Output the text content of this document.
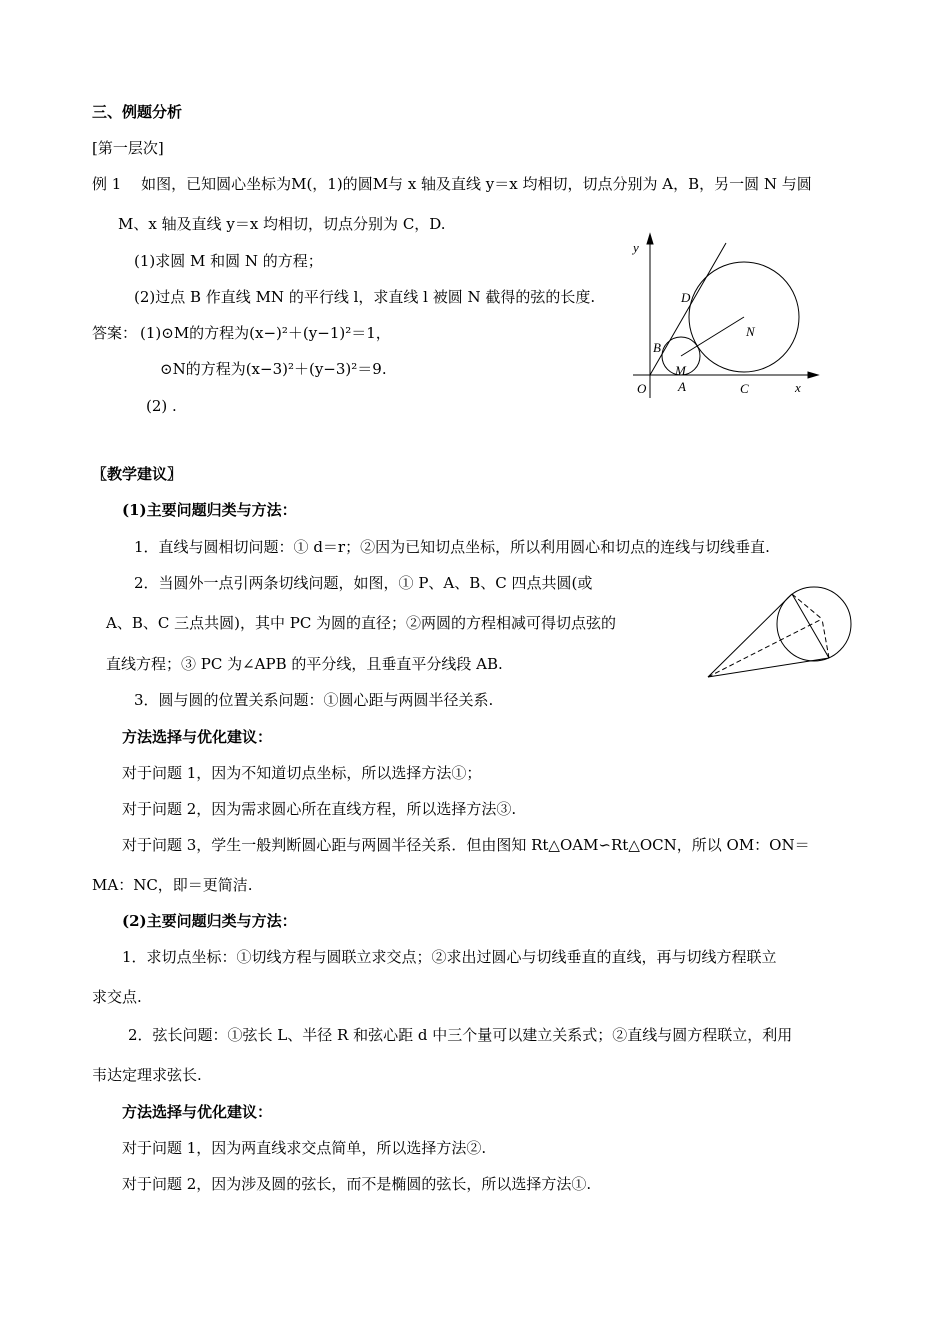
三、例题分析
[第一层次]
例 1　 如图，已知圆心坐标为M(，1)的圆M与 x 轴及直线 y＝x 均相切，切点分别为 A，B，另一圆 N 与圆
M、x 轴及直线 y＝x 均相切，切点分别为 C，D.
(1)求圆 M 和圆 N 的方程；
(2)过点 B 作直线 MN 的平行线 l，求直线 l 被圆 N 截得的弦的长度.
答案： (1)⊙M的方程为(x−)²＋(y−1)²＝1，
⊙N的方程为(x−3)²＋(y−3)²＝9.
(2) .
y
x
O A
B
C
D
M
N
〖教学建议〗
(1)主要问题归类与方法：
1．直线与圆相切问题：① d＝r；②因为已知切点坐标，所以利用圆心和切点的连线与切线垂直.
2．当圆外一点引两条切线问题，如图，① P、A、B、C 四点共圆(或
A、B、C 三点共圆)，其中 PC 为圆的直径；②两圆的方程相减可得切点弦的
直线方程；③ PC 为∠APB 的平分线，且垂直平分线段 AB.
3．圆与圆的位置关系问题：①圆心距与两圆半径关系.
方法选择与优化建议：
对于问题 1，因为不知道切点坐标，所以选择方法①；
对于问题 2，因为需求圆心所在直线方程，所以选择方法③.
对于问题 3，学生一般判断圆心距与两圆半径关系．但由图知 Rt△OAM∽Rt△OCN，所以 OM：ON＝
MA：NC，即＝更简洁.
(2)主要问题归类与方法：
1．求切点坐标：①切线方程与圆联立求交点；②求出过圆心与切线垂直的直线，再与切线方程联立
求交点.
2．弦长问题：①弦长 L、半径 R 和弦心距 d 中三个量可以建立关系式；②直线与圆方程联立，利用
韦达定理求弦长.
方法选择与优化建议：
对于问题 1，因为两直线求交点简单，所以选择方法②.
对于问题 2，因为涉及圆的弦长，而不是椭圆的弦长，所以选择方法①.
